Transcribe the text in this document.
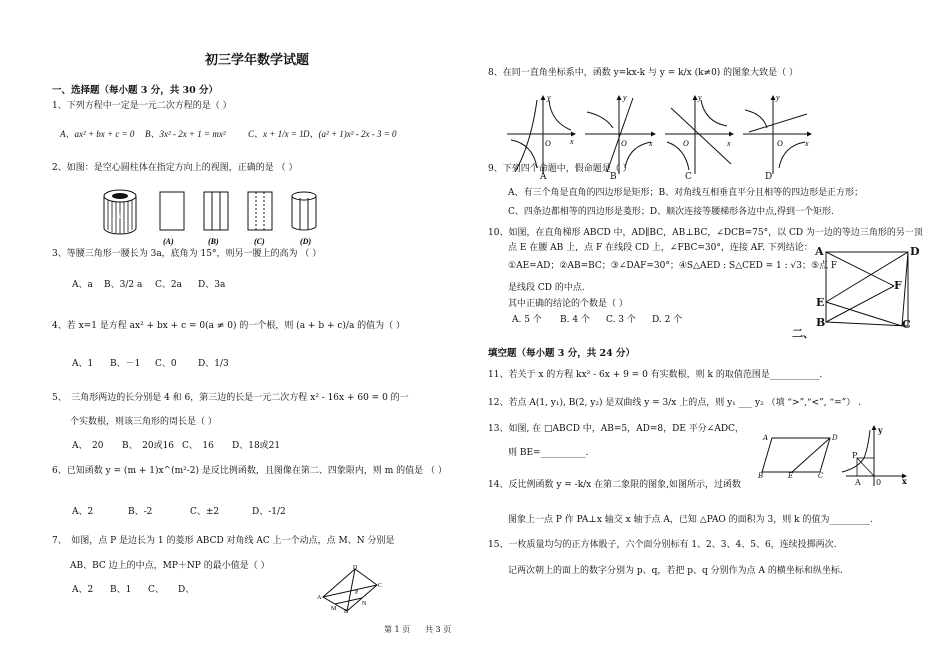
初三学年数学试题
一、选择题（每小题 3 分，共 30 分）
1、下列方程中一定是一元二次方程的是（ ）
A、ax² + bx + c = 0 B、3x² - 2x + 1 = mx² C、x + 1/x = 1 D、(a² + 1)x² - 2x - 3 = 0
2、如图：是空心圆柱体在指定方向上的视图，正确的是 （ ）
x
(A)	(B)	(C)	(D)
3、等腰三角形一腰长为 3a，底角为 15°，则另一腰上的高为 （ ）
A、a B、3/2 a C、2a D、3a
4、若 x=1 是方程 ax² + bx + c = 0(a ≠ 0) 的一个根，则 (a + b + c)/a 的值为（ ）
A、1 B、－1 C、0 D、1/3
5、　三角形两边的长分别是 4 和 6，第三边的长是一元二次方程 x² - 16x + 60 = 0 的一
个实数根，则该三角形的周长是（ ）
A、　20 B、　20或16 C、　16 D、18或21
6、已知函数 y = (m + 1)x^(m²-2) 是反比例函数，且图像在第二、四象限内，则 m 的值是 （ ）
A、2	B、-2	C、±2	D、-1/2
7、　如图，点 P 是边长为 1 的菱形 ABCD 对角线 AC 上一个动点，点 M、N 分别是
AB、BC 边上的中点，MP＋NP 的最小值是（ ）
A、2 B、1 C、 D、
A
D
C
B
M
N
P
第 1 页 共 3 页
8、在同一直角坐标系中，函数 y=kx-k 与 y = k/x (k≠0) 的图象大致是（ ）
y
x
O
y
x
O
y
x
O
y
x
O
A	B	C	D
9、下列四个命题中，假命题是（ ）
A、有三个角是直角的四边形是矩形；B、对角线互相垂直平分且相等的四边形是正方形；
C、四条边都相等的四边形是菱形；D、顺次连接等腰梯形各边中点,得到一个矩形.
10、如图，在直角梯形 ABCD 中，AD∥BC，AB⊥BC，∠DCB=75°，以 CD 为一边的等边三角形的另一顶
点 E 在腰 AB 上，点 F 在线段 CD 上，∠FBC=30°，连接 AF. 下列结论：
①AE=AD；②AB=BC；③∠DAF=30°；④S△AED : S△CED = 1 : √3；⑤点 F
是线段 CD 的中点.
其中正确的结论的个数是（ ）
A. 5 个 B. 4 个 C. 3 个 D. 2 个
A	D
F
E
B	C
二、
填空题（每小题 3 分，共 24 分）
11、若关于 x 的方程 kx² - 6x + 9 = 0 有实数根，则 k 的取值范围是___________.
12、若点 A(1, y₁), B(2, y₂) 是双曲线 y = 3/x 上的点，则 y₁ ___ y₂ （填 “>”,“<”, “=”） .
13、如图, 在 □ABCD 中，AB=5，AD=8，DE 平分∠ADC，
则 BE=__________.
A	D
B	E	C
14、反比例函数 y = -k/x 在第二象限的图象,如图所示，过函数
图象上一点 P 作 PA⊥x 轴交 x 轴于点 A，已知 △PAO 的面积为 3，则 k 的值为_________.
y
P
A 0	x
15、一枚质量均匀的正方体骰子，六个面分别标有 1、2、3、4、5、6，连续投掷两次.
记两次朝上的面上的数字分别为 p、q，若把 p、q 分别作为点 A 的横坐标和纵坐标.
